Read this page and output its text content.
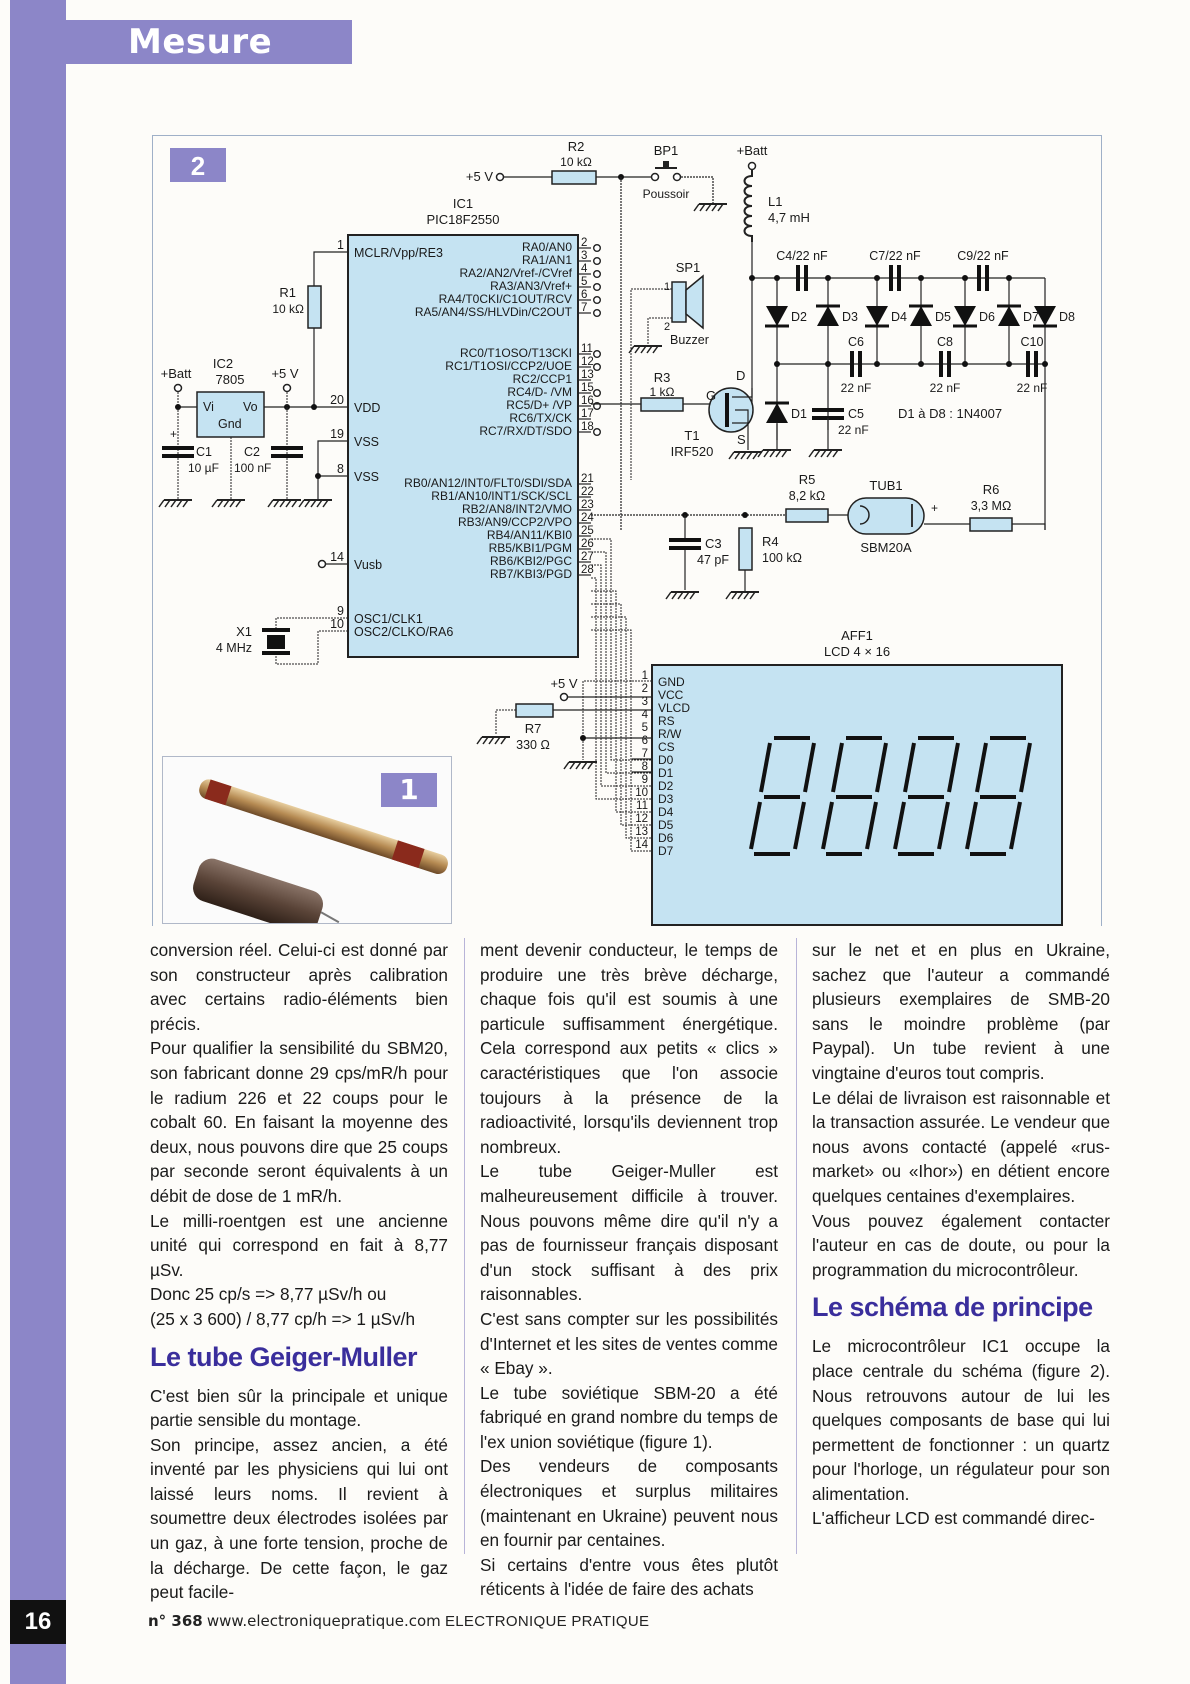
Mesure
2
IC1
PIC18F2550
1
MCLR/Vpp/RE3
20
VDD
19
VSS
8
VSS
14
Vusb
9
OSC1/CLK1
10
OSC2/CLKO/RA6
RA0/AN0 2
RA1/AN1 3
RA2/AN2/Vref-/CVref 4
RA3/AN3/Vref+ 5
RA4/T0CKI/C1OUT/RCV 6
RA5/AN4/SS/HLVDin/C2OUT 7
RC0/T1OSO/T13CKI 11
RC1/T1OSI/CCP2/UOE 12
RC2/CCP1 13
RC4/D- /VM 15
RC5/D+ /VP 16
RC6/TX/CK 17
RC7/RX/DT/SDO 18
RB0/AN12/INT0/FLT0/SDI/SDA 21
RB1/AN10/INT1/SCK/SCL 22
RB2/AN8/INT2/VMO 23
RB3/AN9/CCP2/VPO 24
RB4/AN11/KBI0 25
RB5/KBI1/PGM 26
RB6/KBI2/PGC 27
RB7/KBI3/PGD 28
+5 V
R2
10 kΩ
BP1
Poussoir
+Batt
L1
4,7 mH
C4/22 nF	C7/22 nF	C9/22 nF
C6	C8	C10
22 nF	22 nF	22 nF
D2	D3	D4 D5 D6 D7 D8
D1	C5
22 nF
D1 à D8 : 1N4007
SP1
1
2
Buzzer
R3
1 kΩ G
D
S
T1
IRF520
C3
47 pF
R4
100 kΩ
R5
8,2 kΩ
TUB1
SBM20A
+
R6
3,3 MΩ
R1
10 kΩ
IC2
7805
Vi Vo
Gnd
+Batt
+
C1
10 µF
+5 V
C2
100 nF
X1
4 MHz
AFF1
LCD 4 × 16
1 GND
2 VCC
3 VLCD
4 RS
5 R/W
6 CS
7 D0
8 D1
9 D2
10 D3
11 D4
12 D5
13 D6
14 D7
+5 V
R7
330 Ω
1

conversion réel. Celui-ci est donné par son constructeur après calibration avec certains radio-éléments bien précis.

Pour qualifier la sensibilité du SBM20, son fabricant donne 29 cps/mR/h pour le radium 226 et 22 coups pour le cobalt 60. En faisant la moyenne des deux, nous pouvons dire que 25 coups par seconde seront équivalents à un débit de dose de 1 mR/h.

Le milli-roentgen est une ancienne unité qui correspond en fait à 8,77 µSv.

Donc 25 cp/s => 8,77 µSv/h ou

(25 x 3 600) / 8,77 cp/h => 1 µSv/h

Le tube Geiger-Muller

C'est bien sûr la principale et unique partie sensible du montage.

Son principe, assez ancien, a été inventé par les physiciens qui lui ont laissé leurs noms. Il revient à soumettre deux électrodes isolées par un gaz, à une forte tension, proche de la décharge. De cette façon, le gaz peut facile-

ment devenir conducteur, le temps de produire une très brève décharge, chaque fois qu'il est soumis à une particule suffisamment énergétique. Cela correspond aux petits « clics » caractéristiques que l'on associe toujours à la présence de la radioactivité, lorsqu'ils deviennent trop nombreux.

Le tube Geiger-Muller est malheureusement difficile à trouver. Nous pouvons même dire qu'il n'y a pas de fournisseur français disposant d'un stock suffisant à des prix raisonnables.

C'est sans compter sur les possibilités d'Internet et les sites de ventes comme « Ebay ».

Le tube soviétique SBM-20 a été fabriqué en grand nombre du temps de l'ex union soviétique (figure 1).

Des vendeurs de composants électroniques et surplus militaires (maintenant en Ukraine) peuvent nous en fournir par centaines.

Si certains d'entre vous êtes plutôt réticents à l'idée de faire des achats

sur le net et en plus en Ukraine, sachez que l'auteur a commandé plusieurs exemplaires de SMB-20 sans le moindre problème (par Paypal). Un tube revient à une vingtaine d'euros tout compris.

Le délai de livraison est raisonnable et la transaction assurée. Le vendeur que nous avons contacté (appelé «rus-market» ou «Ihor») en détient encore quelques centaines d'exemplaires.

Vous pouvez également contacter l'auteur en cas de doute, ou pour la programmation du microcontrôleur.

Le schéma de principe

Le microcontrôleur IC1 occupe la place centrale du schéma (figure 2). Nous retrouvons autour de lui les quelques composants de base qui lui permettent de fonctionner : un quartz pour l'horloge, un régulateur pour son alimentation.

L'afficheur LCD est commandé direc-

16	n° 368 www.electroniquepratique.com ELECTRONIQUE PRATIQUE
